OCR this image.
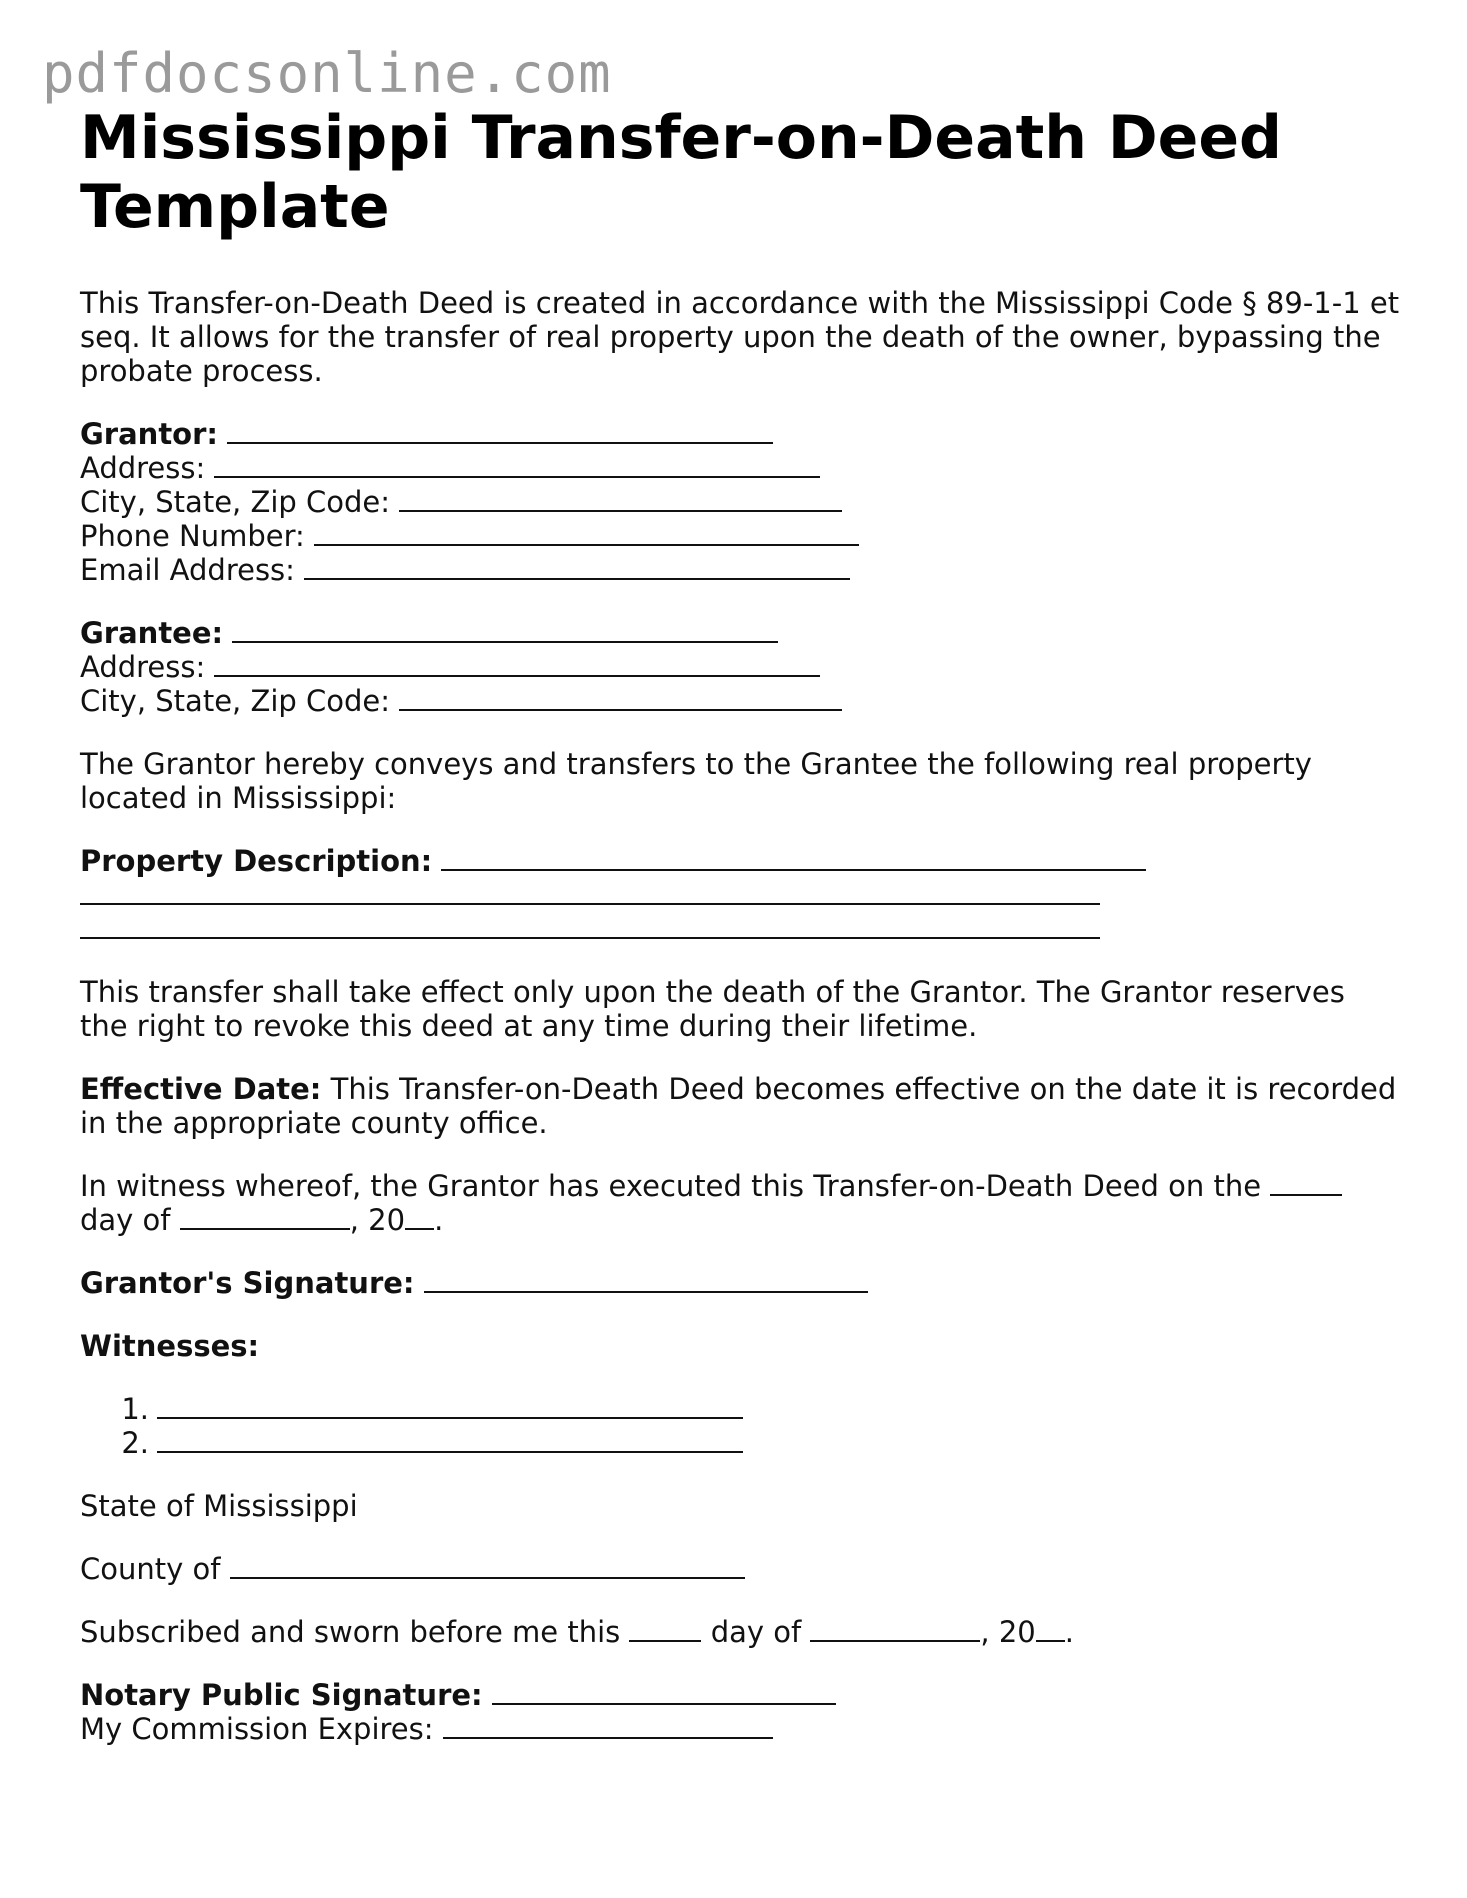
pdfdocsonline.com
Mississippi Transfer-on-Death Deed Template

This Transfer-on-Death Deed is created in accordance with the Mississippi Code § 89-1-1 et seq. It allows for the transfer of real property upon the death of the owner, bypassing the probate process.

Grantor:

Address:

City, State, Zip Code:

Phone Number:

Email Address:

Grantee:

Address:

City, State, Zip Code:

The Grantor hereby conveys and transfers to the Grantee the following real property located in Mississippi:

Property Description:

This transfer shall take effect only upon the death of the Grantor. The Grantor reserves the right to revoke this deed at any time during their lifetime.

Effective Date: This Transfer-on-Death Deed becomes effective on the date it is recorded in the appropriate county office.

In witness whereof, the Grantor has executed this Transfer-on-Death Deed on the  day of	, 20 .

Grantor's Signature:

Witnesses:

1.

2.

State of Mississippi

County of

Subscribed and sworn before me this	day of	, 20 .

Notary Public Signature:

My Commission Expires:
